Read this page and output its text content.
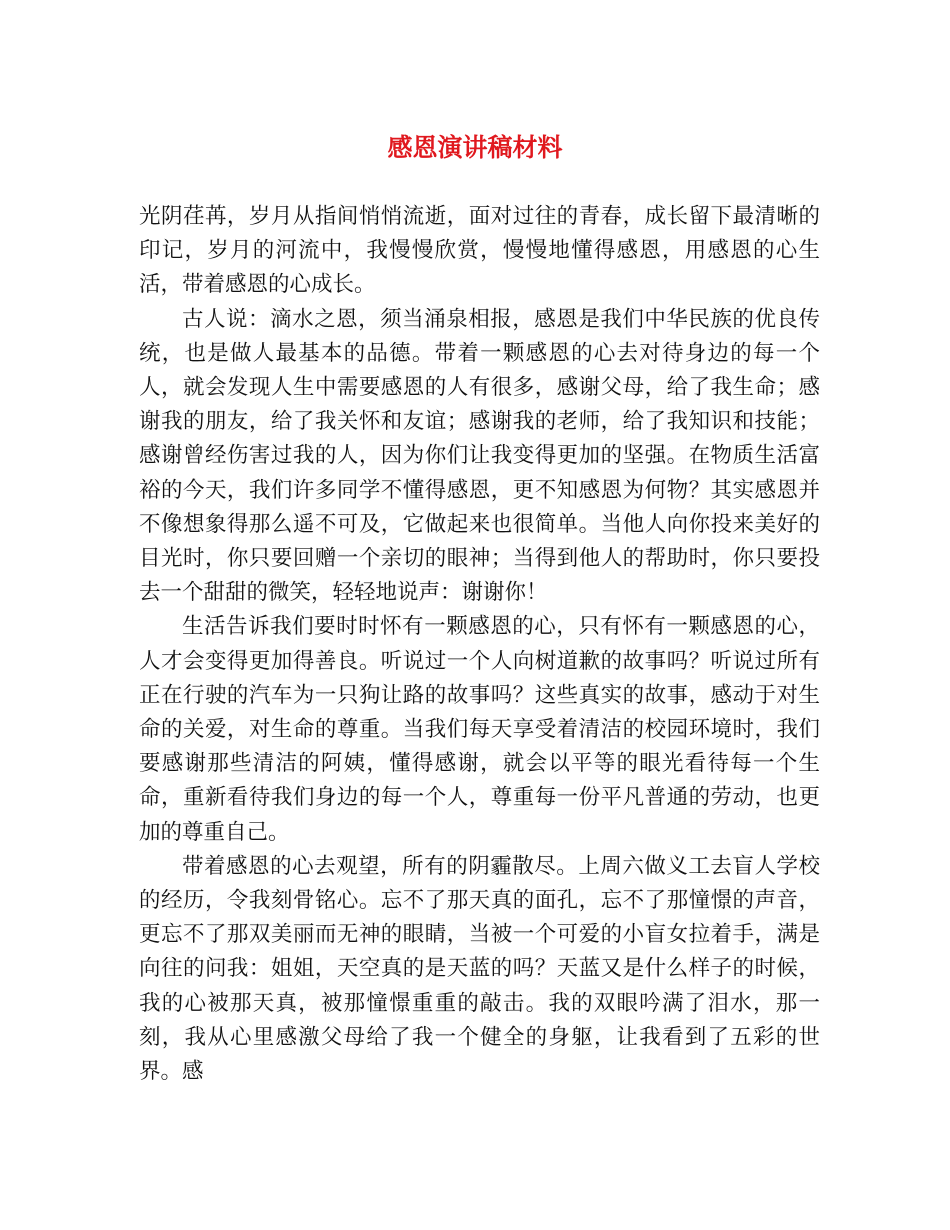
感恩演讲稿材料

光阴荏苒，岁月从指间悄悄流逝，面对过往的青春，成长留下最清晰的印记，岁月的河流中，我慢慢欣赏，慢慢地懂得感恩，用感恩的心生活，带着感恩的心成长。

古人说：滴水之恩，须当涌泉相报，感恩是我们中华民族的优良传统，也是做人最基本的品德。带着一颗感恩的心去对待身边的每一个人，就会发现人生中需要感恩的人有很多，感谢父母，给了我生命；感谢我的朋友，给了我关怀和友谊；感谢我的老师，给了我知识和技能；感谢曾经伤害过我的人，因为你们让我变得更加的坚强。在物质生活富裕的今天，我们许多同学不懂得感恩，更不知感恩为何物？其实感恩并不像想象得那么遥不可及，它做起来也很简单。当他人向你投来美好的目光时，你只要回赠一个亲切的眼神；当得到他人的帮助时，你只要投去一个甜甜的微笑，轻轻地说声：谢谢你！

生活告诉我们要时时怀有一颗感恩的心，只有怀有一颗感恩的心，人才会变得更加得善良。听说过一个人向树道歉的故事吗？听说过所有正在行驶的汽车为一只狗让路的故事吗？这些真实的故事，感动于对生命的关爱，对生命的尊重。当我们每天享受着清洁的校园环境时，我们要感谢那些清洁的阿姨，懂得感谢，就会以平等的眼光看待每一个生命，重新看待我们身边的每一个人，尊重每一份平凡普通的劳动，也更加的尊重自己。

带着感恩的心去观望，所有的阴霾散尽。上周六做义工去盲人学校的经历，令我刻骨铭心。忘不了那天真的面孔，忘不了那憧憬的声音，更忘不了那双美丽而无神的眼睛，当被一个可爱的小盲女拉着手，满是向往的问我：姐姐，天空真的是天蓝的吗？天蓝又是什么样子的时候，我的心被那天真，被那憧憬重重的敲击。我的双眼吟满了泪水，那一刻，我从心里感激父母给了我一个健全的身躯，让我看到了五彩的世界。感
